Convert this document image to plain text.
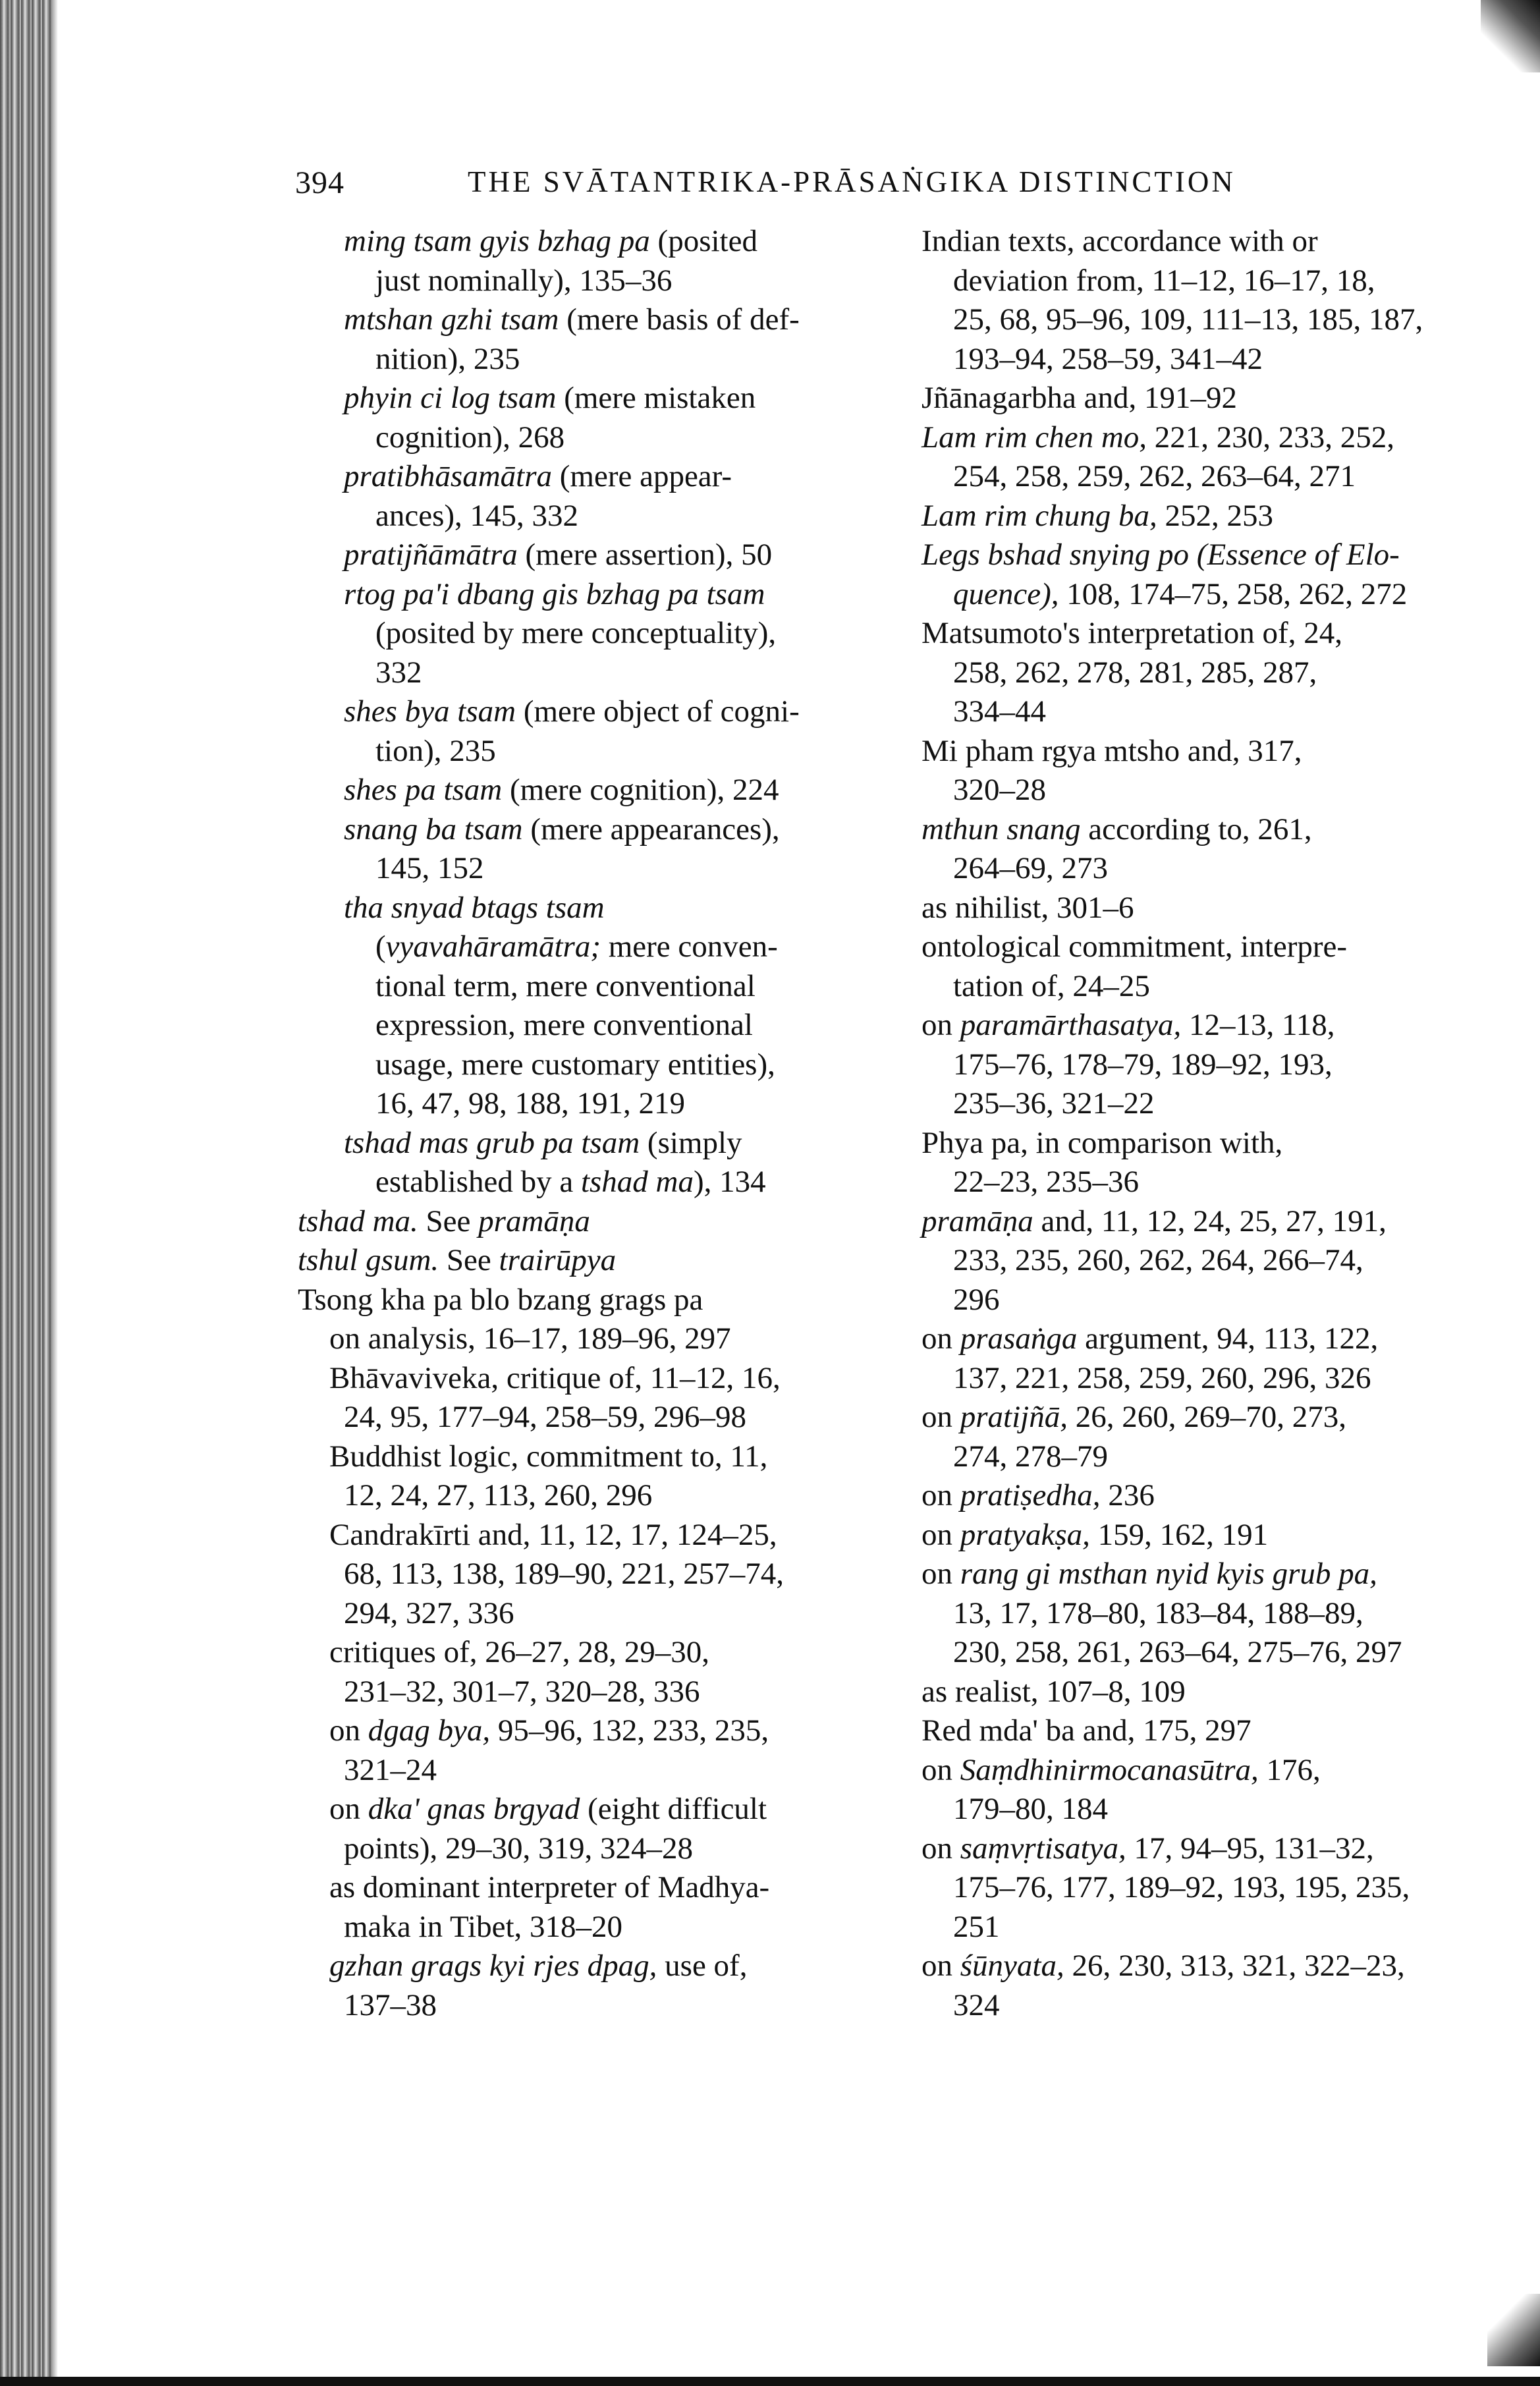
394	THE SVĀTANTRIKA-PRĀSAṄGIKA DISTINCTION
ming tsam gyis bzhag pa (posited
just nominally), 135–36
mtshan gzhi tsam (mere basis of def-
nition), 235
phyin ci log tsam (mere mistaken
cognition), 268
pratibhāsamātra (mere appear-
ances), 145, 332
pratijñāmātra (mere assertion), 50
rtog pa'i dbang gis bzhag pa tsam
(posited by mere conceptuality),
332
shes bya tsam (mere object of cogni-
tion), 235
shes pa tsam (mere cognition), 224
snang ba tsam (mere appearances),
145, 152
tha snyad btags tsam
(vyavahāramātra; mere conven-
tional term, mere conventional
expression, mere conventional
usage, mere customary entities),
16, 47, 98, 188, 191, 219
tshad mas grub pa tsam (simply
established by a tshad ma), 134
tshad ma. See pramāṇa
tshul gsum. See trairūpya
Tsong kha pa blo bzang grags pa
on analysis, 16–17, 189–96, 297
Bhāvaviveka, critique of, 11–12, 16,
24, 95, 177–94, 258–59, 296–98
Buddhist logic, commitment to, 11,
12, 24, 27, 113, 260, 296
Candrakīrti and, 11, 12, 17, 124–25,
68, 113, 138, 189–90, 221, 257–74,
294, 327, 336
critiques of, 26–27, 28, 29–30,
231–32, 301–7, 320–28, 336
on dgag bya, 95–96, 132, 233, 235,
321–24
on dka' gnas brgyad (eight difficult
points), 29–30, 319, 324–28
as dominant interpreter of Madhya-
maka in Tibet, 318–20
gzhan grags kyi rjes dpag, use of,
137–38
Indian texts, accordance with or
deviation from, 11–12, 16–17, 18,
25, 68, 95–96, 109, 111–13, 185, 187,
193–94, 258–59, 341–42
Jñānagarbha and, 191–92
Lam rim chen mo, 221, 230, 233, 252,
254, 258, 259, 262, 263–64, 271
Lam rim chung ba, 252, 253
Legs bshad snying po (Essence of Elo-
quence), 108, 174–75, 258, 262, 272
Matsumoto's interpretation of, 24,
258, 262, 278, 281, 285, 287,
334–44
Mi pham rgya mtsho and, 317,
320–28
mthun snang according to, 261,
264–69, 273
as nihilist, 301–6
ontological commitment, interpre-
tation of, 24–25
on paramārthasatya, 12–13, 118,
175–76, 178–79, 189–92, 193,
235–36, 321–22
Phya pa, in comparison with,
22–23, 235–36
pramāṇa and, 11, 12, 24, 25, 27, 191,
233, 235, 260, 262, 264, 266–74,
296
on prasaṅga argument, 94, 113, 122,
137, 221, 258, 259, 260, 296, 326
on pratijñā, 26, 260, 269–70, 273,
274, 278–79
on pratiṣedha, 236
on pratyakṣa, 159, 162, 191
on rang gi msthan nyid kyis grub pa,
13, 17, 178–80, 183–84, 188–89,
230, 258, 261, 263–64, 275–76, 297
as realist, 107–8, 109
Red mda' ba and, 175, 297
on Saṃdhinirmocanasūtra, 176,
179–80, 184
on saṃvṛtisatya, 17, 94–95, 131–32,
175–76, 177, 189–92, 193, 195, 235,
251
on śūnyata, 26, 230, 313, 321, 322–23,
324
